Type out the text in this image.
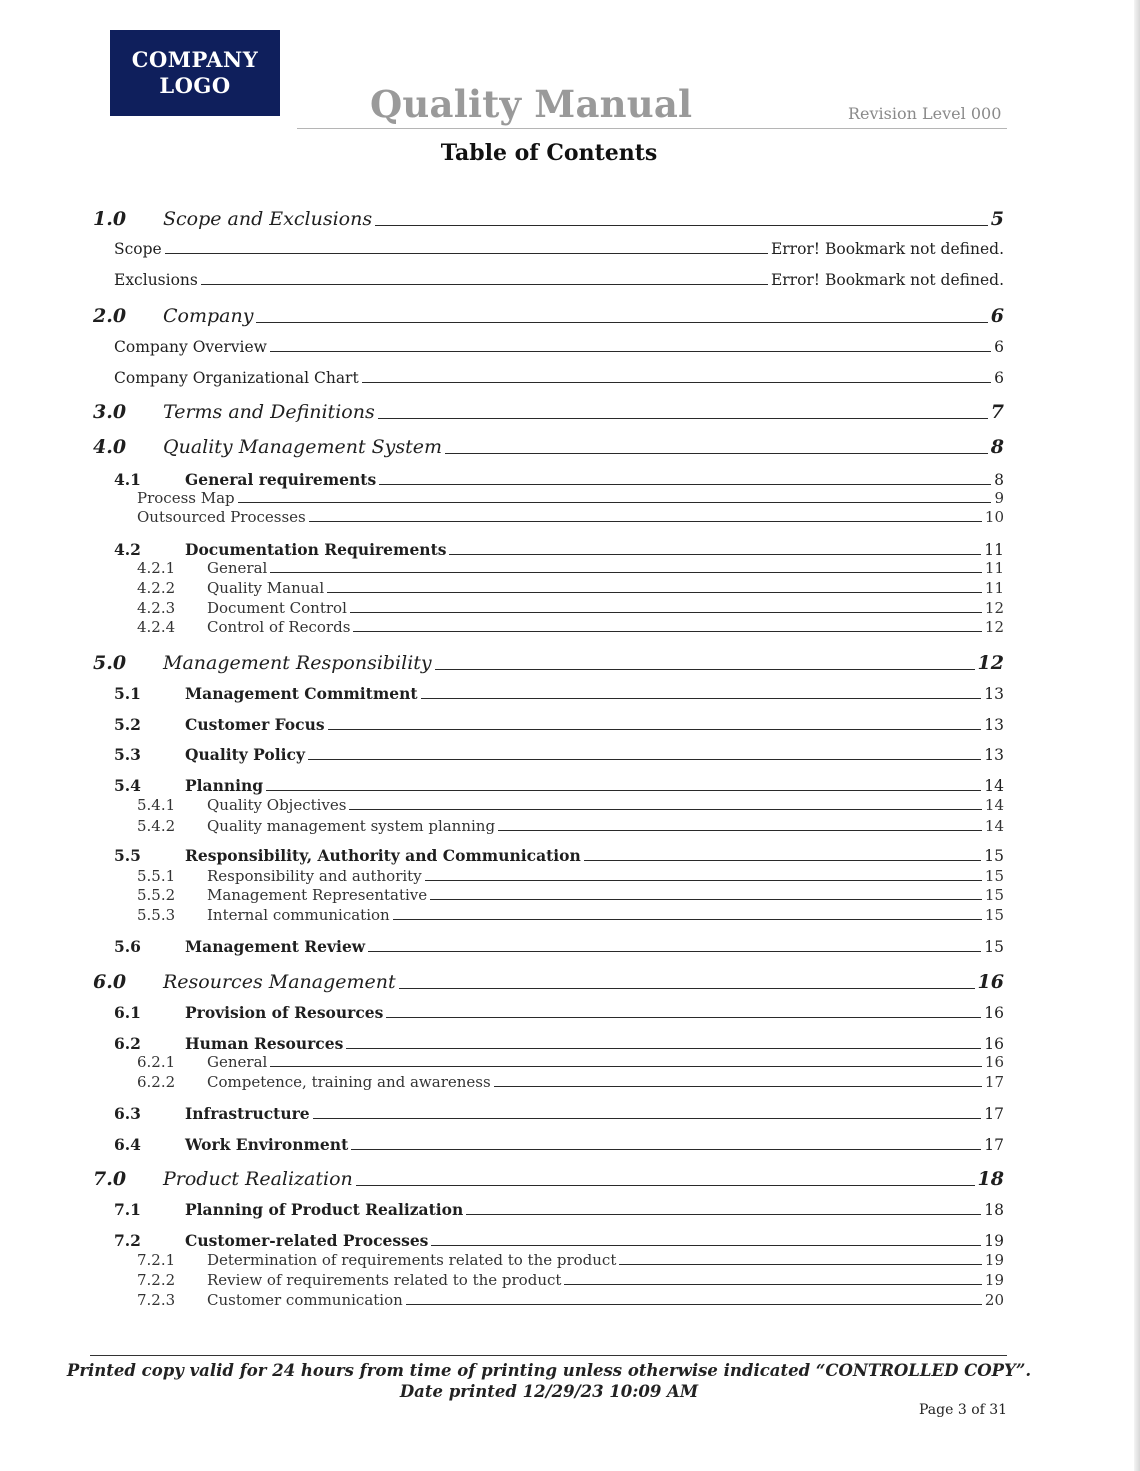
COMPANY
LOGO	Quality Manual	Revision Level 000
Table of Contents
1.0	Scope and Exclusions	5
Scope	Error! Bookmark not defined.
Exclusions	Error! Bookmark not defined.
2.0	Company	6
Company Overview	6
Company Organizational Chart	6
3.0	Terms and Definitions	7
4.0	Quality Management System	8
4.1	General requirements	8
Process Map	9
Outsourced Processes	10
4.2	Documentation Requirements	11
4.2.1	General	11
4.2.2	Quality Manual	11
4.2.3	Document Control	12
4.2.4	Control of Records	12
5.0	Management Responsibility	12
5.1	Management Commitment	13
5.2	Customer Focus	13
5.3	Quality Policy	13
5.4	Planning	14
5.4.1	Quality Objectives	14
5.4.2	Quality management system planning	14
5.5	Responsibility, Authority and Communication	15
5.5.1	Responsibility and authority	15
5.5.2	Management Representative	15
5.5.3	Internal communication	15
5.6	Management Review	15
6.0	Resources Management	16
6.1	Provision of Resources	16
6.2	Human Resources	16
6.2.1	General	16
6.2.2	Competence, training and awareness	17
6.3	Infrastructure	17
6.4	Work Environment	17
7.0	Product Realization	18
7.1	Planning of Product Realization	18
7.2	Customer-related Processes	19
7.2.1	Determination of requirements related to the product	19
7.2.2	Review of requirements related to the product	19
7.2.3	Customer communication	20
Printed copy valid for 24 hours from time of printing unless otherwise indicated “CONTROLLED COPY”.
Date printed 12/29/23 10:09 AM
Page 3 of 31
